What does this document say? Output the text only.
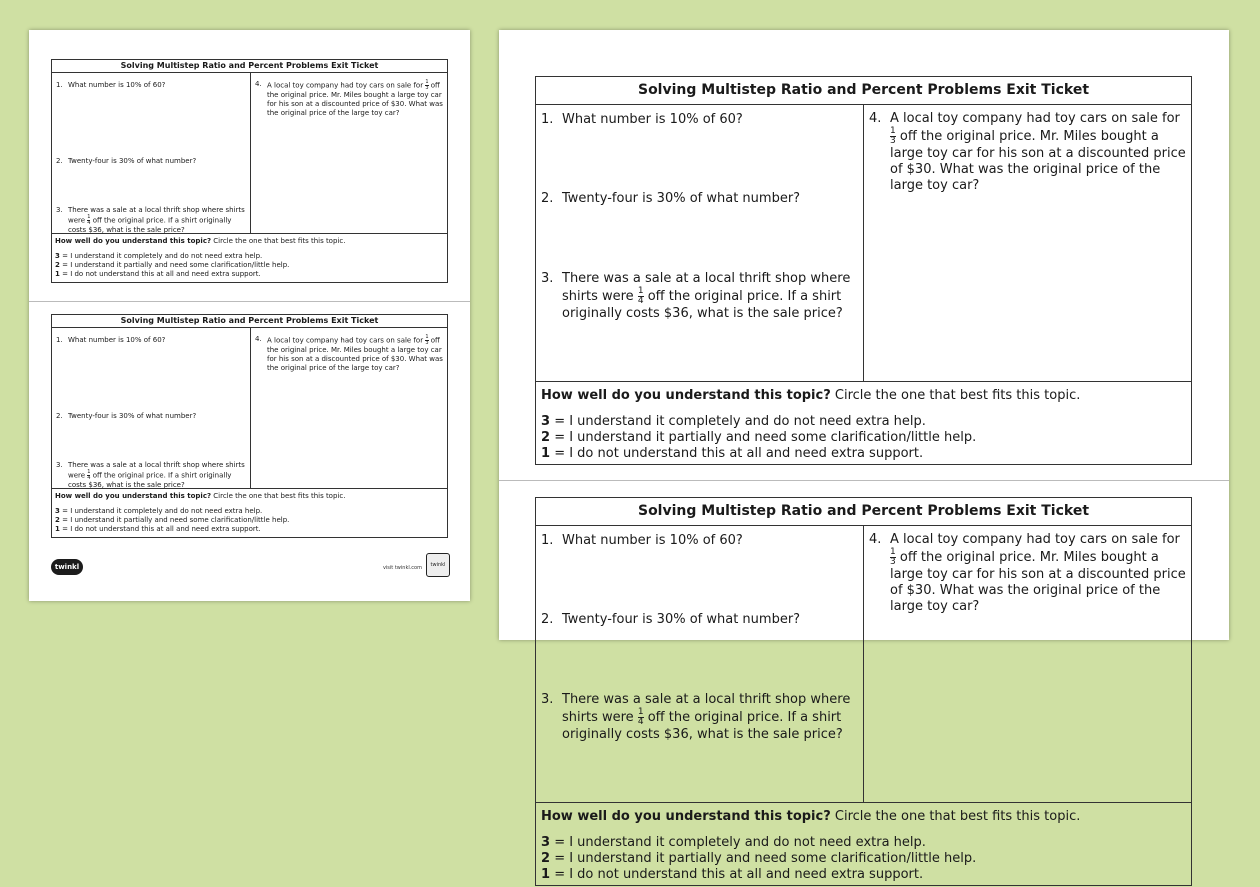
Solving Multistep Ratio and Percent Problems Exit Ticket
1. What number is 10% of 60?
2. Twenty-four is 30% of what number?
3. There was a sale at a local thrift shop where shirts were $\frac{1}{4}$ off the original price. If a shirt originally costs $36, what is the sale price?
4. A local toy company had toy cars on sale for $\frac{1}{3}$ off the original price. Mr. Miles bought a large toy car for his son at a discounted price of $30. What was the original price of the large toy car?
How well do you understand this topic? Circle the one that best fits this topic.
3 = I understand it completely and do not need extra help.
2 = I understand it partially and need some clarification/little help.
1 = I do not understand this at all and need extra support.
Solving Multistep Ratio and Percent Problems Exit Ticket
1. What number is 10% of 60?
2. Twenty-four is 30% of what number?
3. There was a sale at a local thrift shop where shirts were $\frac{1}{4}$ off the original price. If a shirt originally costs $36, what is the sale price?
4. A local toy company had toy cars on sale for $\frac{1}{3}$ off the original price. Mr. Miles bought a large toy car for his son at a discounted price of $30. What was the original price of the large toy car?
How well do you understand this topic? Circle the one that best fits this topic.
3 = I understand it completely and do not need extra help.
2 = I understand it partially and need some clarification/little help.
1 = I do not understand this at all and need extra support.
twinkl	visit twinkl.com	twinkl
Solving Multistep Ratio and Percent Problems Exit Ticket
1. What number is 10% of 60?
2. Twenty-four is 30% of what number?
3. There was a sale at a local thrift shop where shirts were $\frac{1}{4}$ off the original price. If a shirt originally costs $36, what is the sale price?
4. A local toy company had toy cars on sale for
$\frac{1}{3}$ off the original price. Mr. Miles bought a large toy car for his son at a discounted price of $30. What was the original price of the large toy car?
How well do you understand this topic? Circle the one that best fits this topic.
3 = I understand it completely and do not need extra help.
2 = I understand it partially and need some clarification/little help.
1 = I do not understand this at all and need extra support.
Solving Multistep Ratio and Percent Problems Exit Ticket
1. What number is 10% of 60?
2. Twenty-four is 30% of what number?
3. There was a sale at a local thrift shop where shirts were $\frac{1}{4}$ off the original price. If a shirt originally costs $36, what is the sale price?
4. A local toy company had toy cars on sale for
$\frac{1}{3}$ off the original price. Mr. Miles bought a large toy car for his son at a discounted price of $30. What was the original price of the large toy car?
How well do you understand this topic? Circle the one that best fits this topic.
3 = I understand it completely and do not need extra help.
2 = I understand it partially and need some clarification/little help.
1 = I do not understand this at all and need extra support.
